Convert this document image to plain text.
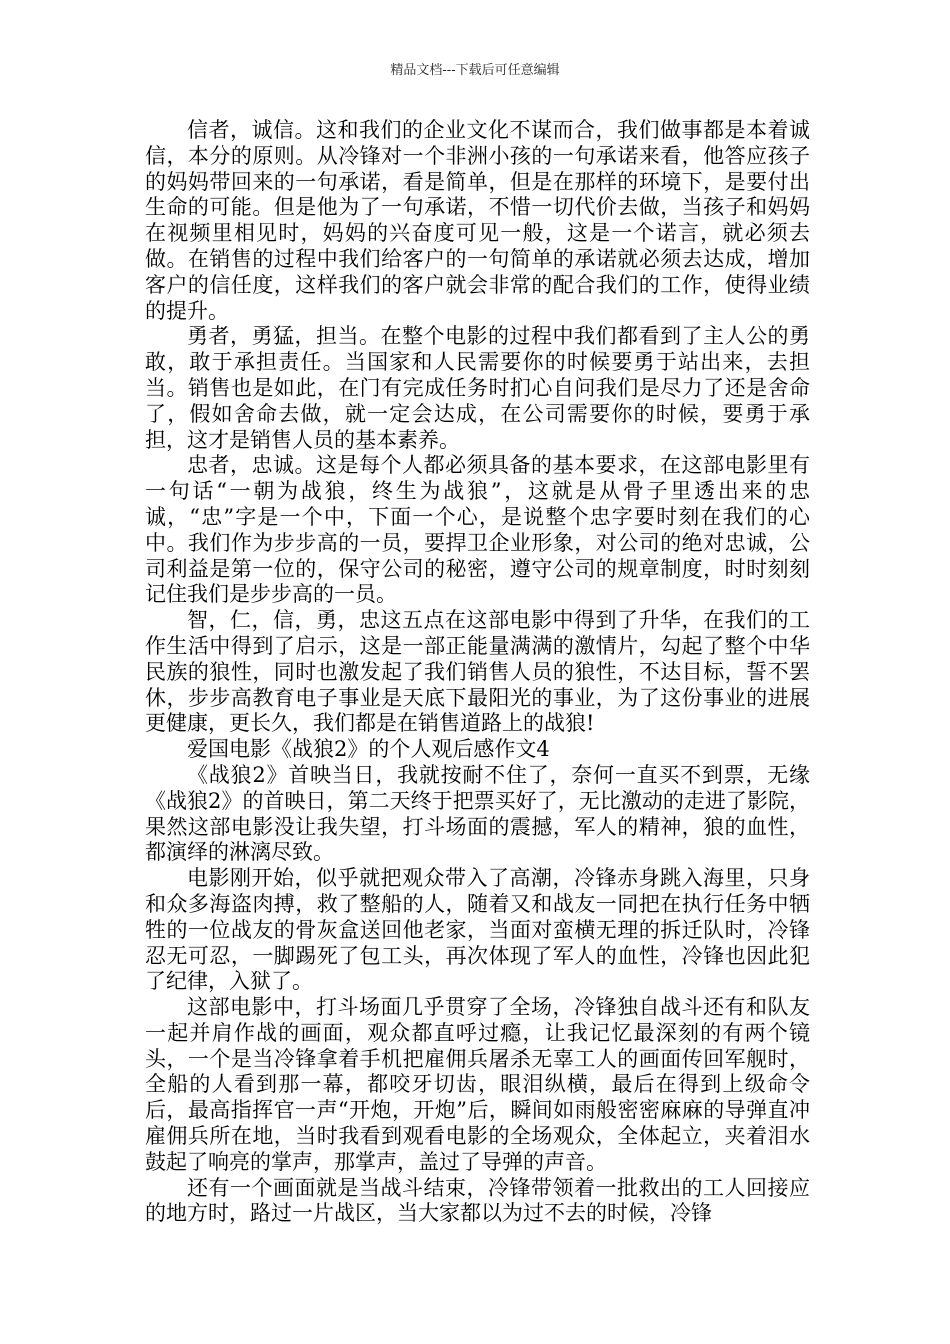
精品文档---下载后可任意编辑

信者，诚信。这和我们的企业文化不谋而合，我们做事都是本着诚信，本分的原则。从冷锋对一个非洲小孩的一句承诺来看，他答应孩子的妈妈带回来的一句承诺，看是简单，但是在那样的环境下，是要付出生命的可能。但是他为了一句承诺，不惜一切代价去做，当孩子和妈妈在视频里相见时，妈妈的兴奋度可见一般，这是一个诺言，就必须去做。在销售的过程中我们给客户的一句简单的承诺就必须去达成，增加客户的信任度，这样我们的客户就会非常的配合我们的工作，使得业绩的提升。

勇者，勇猛，担当。在整个电影的过程中我们都看到了主人公的勇敢，敢于承担责任。当国家和人民需要你的时候要勇于站出来，去担当。销售也是如此，在门有完成任务时扪心自问我们是尽力了还是舍命了，假如舍命去做，就一定会达成，在公司需要你的时候，要勇于承担，这才是销售人员的基本素养。

忠者，忠诚。这是每个人都必须具备的基本要求，在这部电影里有一句话“一朝为战狼，终生为战狼”，这就是从骨子里透出来的忠诚，“忠”字是一个中，下面一个心，是说整个忠字要时刻在我们的心中。我们作为步步高的一员，要捍卫企业形象，对公司的绝对忠诚，公司利益是第一位的，保守公司的秘密，遵守公司的规章制度，时时刻刻记住我们是步步高的一员。

智，仁，信，勇，忠这五点在这部电影中得到了升华，在我们的工作生活中得到了启示，这是一部正能量满满的激情片，勾起了整个中华民族的狼性，同时也激发起了我们销售人员的狼性，不达目标，誓不罢休，步步高教育电子事业是天底下最阳光的事业，为了这份事业的进展更健康，更长久，我们都是在销售道路上的战狼!

爱国电影《战狼2》的个人观后感作文4

《战狼2》首映当日，我就按耐不住了，奈何一直买不到票，无缘《战狼2》的首映日，第二天终于把票买好了，无比激动的走进了影院，果然这部电影没让我失望，打斗场面的震撼，军人的精神，狼的血性，都演绎的淋漓尽致。

电影刚开始，似乎就把观众带入了高潮，冷锋赤身跳入海里，只身和众多海盗肉搏，救了整船的人，随着又和战友一同把在执行任务中牺牲的一位战友的骨灰盒送回他老家，当面对蛮横无理的拆迁队时，冷锋忍无可忍，一脚踢死了包工头，再次体现了军人的血性，冷锋也因此犯了纪律，入狱了。

这部电影中，打斗场面几乎贯穿了全场，冷锋独自战斗还有和队友一起并肩作战的画面，观众都直呼过瘾，让我记忆最深刻的有两个镜头，一个是当冷锋拿着手机把雇佣兵屠杀无辜工人的画面传回军舰时，全船的人看到那一幕，都咬牙切齿，眼泪纵横，最后在得到上级命令后，最高指挥官一声“开炮，开炮”后，瞬间如雨般密密麻麻的导弹直冲雇佣兵所在地，当时我看到观看电影的全场观众，全体起立，夹着泪水鼓起了响亮的掌声，那掌声，盖过了导弹的声音。

还有一个画面就是当战斗结束，冷锋带领着一批救出的工人回接应的地方时，路过一片战区，当大家都以为过不去的时候，冷锋
